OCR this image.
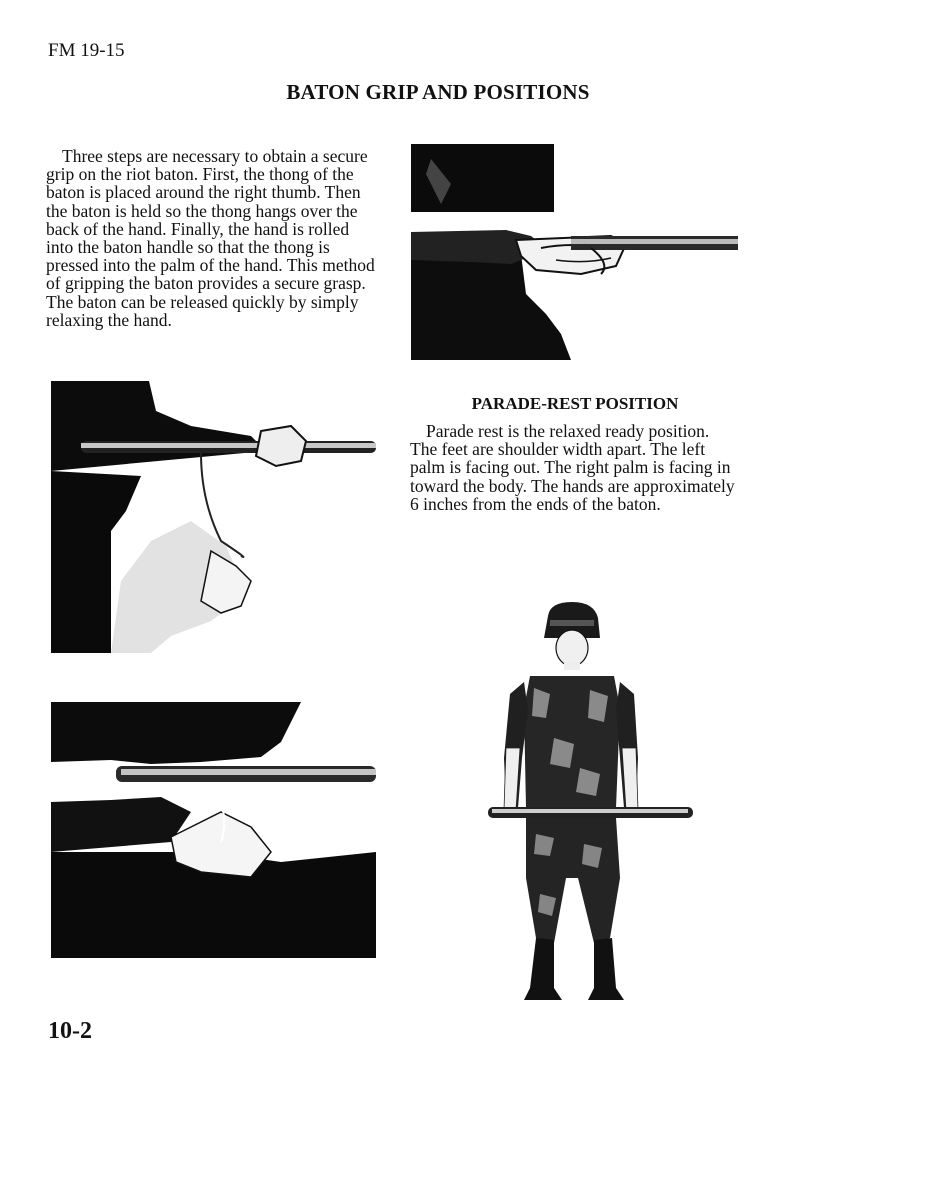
FM 19-15
BATON GRIP AND POSITIONS

Three steps are necessary to obtain a secure grip on the riot baton. First, the thong of the baton is placed around the right thumb. Then the baton is held so the thong hangs over the back of the hand. Finally, the hand is rolled into the baton handle so that the thong is pressed into the palm of the hand. This method of gripping the baton provides a secure grasp. The baton can be released quickly by simply relaxing the hand.

PARADE-REST POSITION

Parade rest is the relaxed ready position. The feet are shoulder width apart. The left palm is facing out. The right palm is facing in toward the body. The hands are approximately 6 inches from the ends of the baton.

10-2
